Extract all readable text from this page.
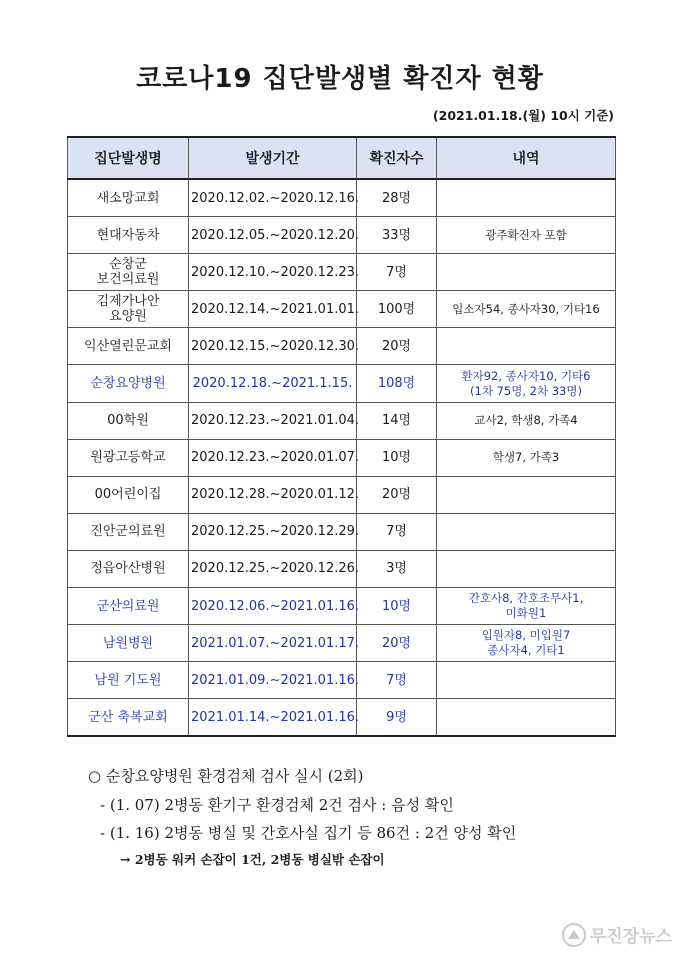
코로나19 집단발생별 확진자 현황
(2021.01.18.(월) 10시 기준)
집단발생명	발생기간	확진자수	내역
새소망교회	2020.12.02.~2020.12.16.	28명	
현대자동차	2020.12.05.~2020.12.20.	33명	광주확진자 포함
순창군
보건의료원	2020.12.10.~2020.12.23.	7명	
김제가나안
요양원	2020.12.14.~2021.01.01.	100명	입소자54, 종사자30, 기타16
익산열린문교회	2020.12.15.~2020.12.30.	20명	
순창요양병원	2020.12.18.~2021.1.15.	108명	환자92, 종사자10, 기타6
(1차 75명, 2차 33명)
00학원	2020.12.23.~2021.01.04.	14명	교사2, 학생8, 가족4
원광고등학교	2020.12.23.~2020.01.07.	10명	학생7, 가족3
00어린이집	2020.12.28.~2020.01.12.	20명	
진안군의료원	2020.12.25.~2020.12.29.	7명	
정읍아산병원	2020.12.25.~2020.12.26.	3명	
군산의료원	2020.12.06.~2021.01.16.	10명	간호사8, 간호조무사1,
미화원1
남원병원	2021.01.07.~2021.01.17.	20명	입원자8, 미입원7
종사자4, 기타1
남원 기도원	2021.01.09.~2021.01.16.	7명	
군산 축복교회	2021.01.14.~2021.01.16.	9명	
○ 순창요양병원 환경검체 검사 실시 (2회)
- (1. 07) 2병동 환기구 환경검체 2건 검사 : 음성 확인
- (1. 16) 2병동 병실 및 간호사실 집기 등 86건 : 2건 양성 확인
→ 2병동 워커 손잡이 1건, 2병동 병실밖 손잡이
무진장뉴스
